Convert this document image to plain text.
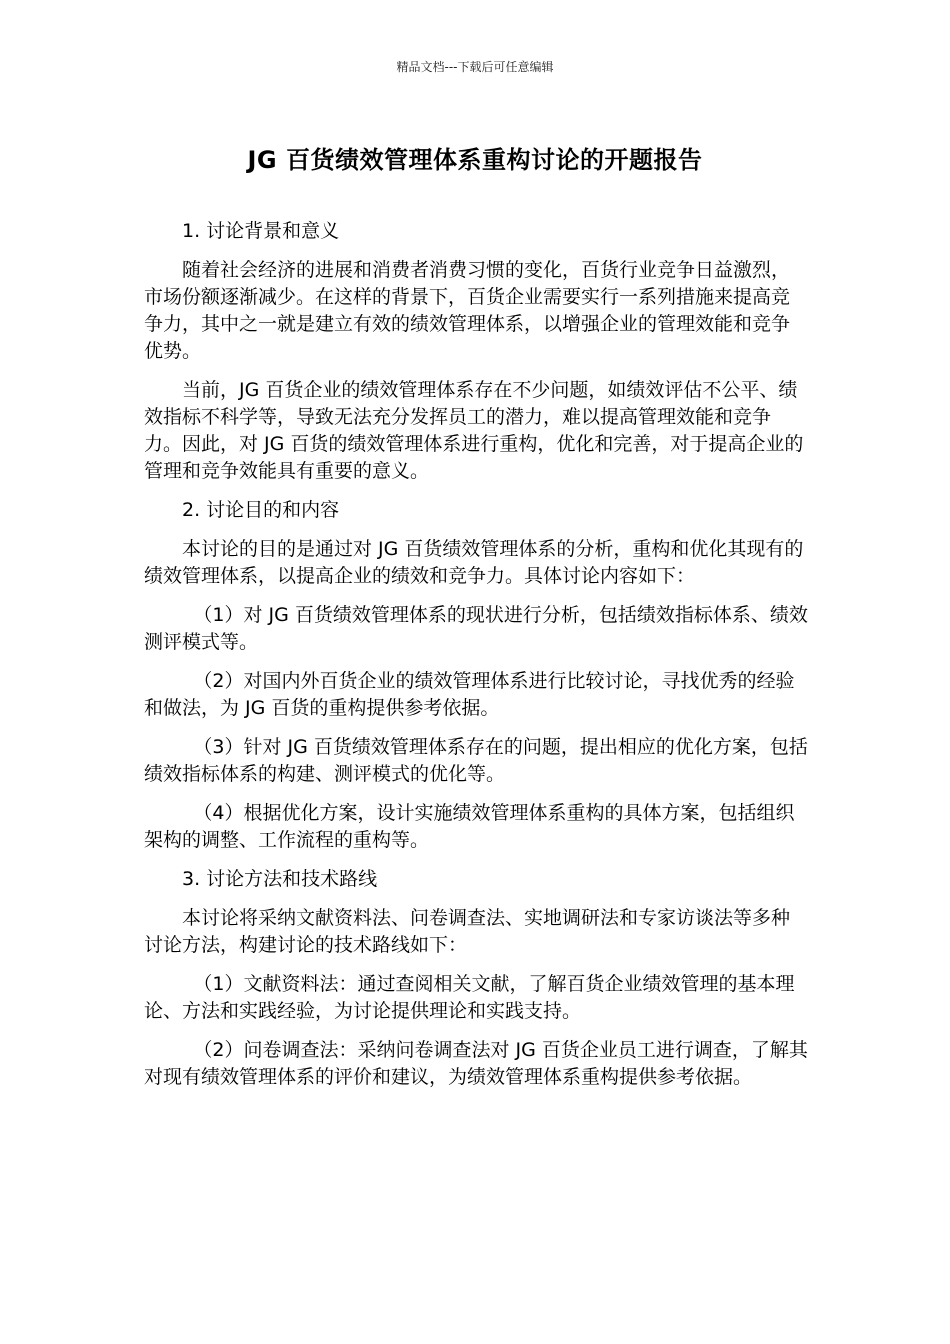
精品文档---下载后可任意编辑
JG 百货绩效管理体系重构讨论的开题报告

1. 讨论背景和意义

随着社会经济的进展和消费者消费习惯的变化，百货行业竞争日益激烈，市场份额逐渐减少。在这样的背景下，百货企业需要实行一系列措施来提高竞争力，其中之一就是建立有效的绩效管理体系，以增强企业的管理效能和竞争优势。

当前，JG 百货企业的绩效管理体系存在不少问题，如绩效评估不公平、绩效指标不科学等，导致无法充分发挥员工的潜力，难以提高管理效能和竞争力。因此，对 JG 百货的绩效管理体系进行重构，优化和完善，对于提高企业的管理和竞争效能具有重要的意义。

2. 讨论目的和内容

本讨论的目的是通过对 JG 百货绩效管理体系的分析，重构和优化其现有的绩效管理体系，以提高企业的绩效和竞争力。具体讨论内容如下：

（1）对 JG 百货绩效管理体系的现状进行分析，包括绩效指标体系、绩效测评模式等。

（2）对国内外百货企业的绩效管理体系进行比较讨论，寻找优秀的经验和做法，为 JG 百货的重构提供参考依据。

（3）针对 JG 百货绩效管理体系存在的问题，提出相应的优化方案，包括绩效指标体系的构建、测评模式的优化等。

（4）根据优化方案，设计实施绩效管理体系重构的具体方案，包括组织架构的调整、工作流程的重构等。

3. 讨论方法和技术路线

本讨论将采纳文献资料法、问卷调查法、实地调研法和专家访谈法等多种讨论方法，构建讨论的技术路线如下：

（1）文献资料法：通过查阅相关文献，了解百货企业绩效管理的基本理论、方法和实践经验，为讨论提供理论和实践支持。

（2）问卷调查法：采纳问卷调查法对 JG 百货企业员工进行调查，了解其对现有绩效管理体系的评价和建议，为绩效管理体系重构提供参考依据。
